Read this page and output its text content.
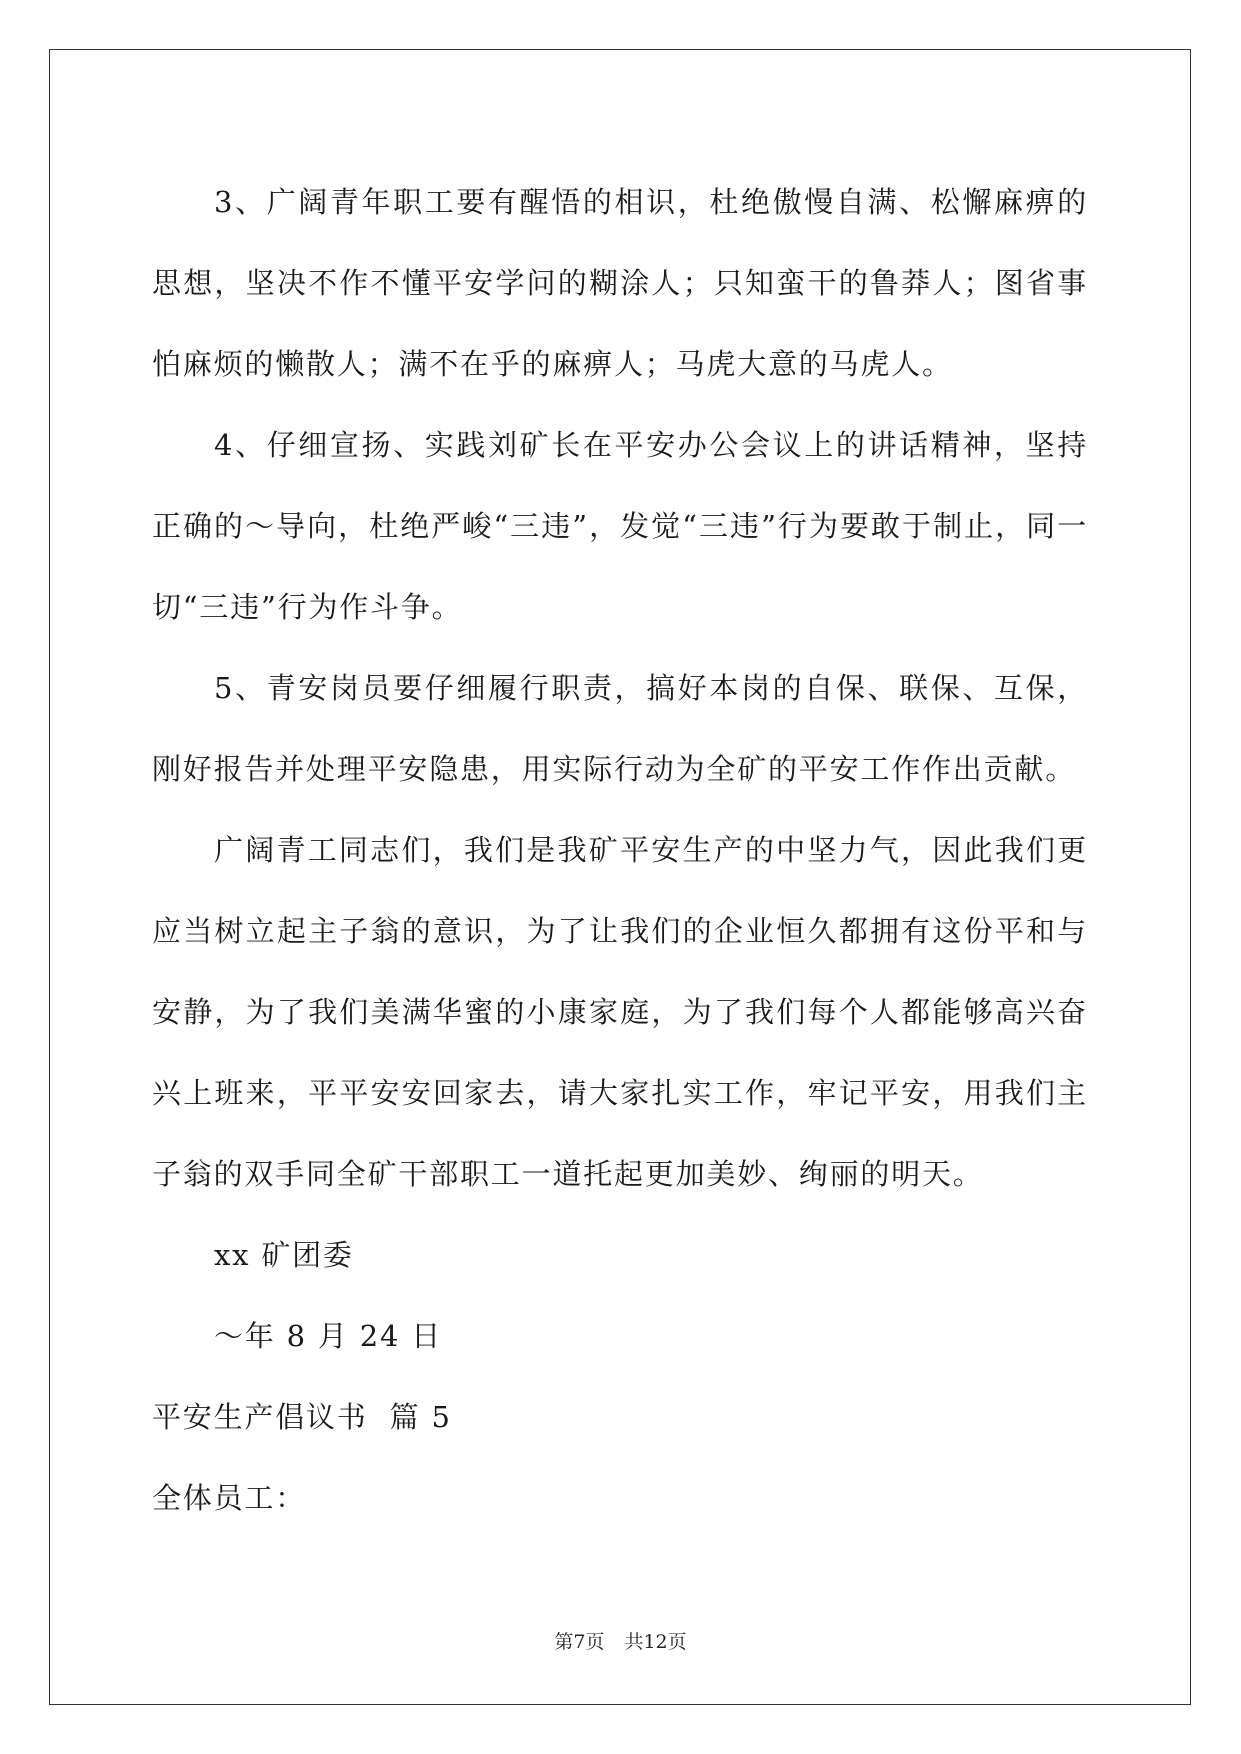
3、广阔青年职工要有醒悟的相识，杜绝傲慢自满、松懈麻痹的思想，坚决不作不懂平安学问的糊涂人；只知蛮干的鲁莽人；图省事怕麻烦的懒散人；满不在乎的麻痹人；马虎大意的马虎人。

4、仔细宣扬、实践刘矿长在平安办公会议上的讲话精神，坚持正确的～导向，杜绝严峻“三违”，发觉“三违”行为要敢于制止，同一切“三违”行为作斗争。

5、青安岗员要仔细履行职责，搞好本岗的自保、联保、互保，刚好报告并处理平安隐患，用实际行动为全矿的平安工作作出贡献。

广阔青工同志们，我们是我矿平安生产的中坚力气，因此我们更应当树立起主子翁的意识，为了让我们的企业恒久都拥有这份平和与安静，为了我们美满华蜜的小康家庭，为了我们每个人都能够高兴奋兴上班来，平平安安回家去，请大家扎实工作，牢记平安，用我们主子翁的双手同全矿干部职工一道托起更加美妙、绚丽的明天。

xx 矿团委

～年 8 月 24 日

平安生产倡议书  篇 5

全体员工：

第7页 共12页
